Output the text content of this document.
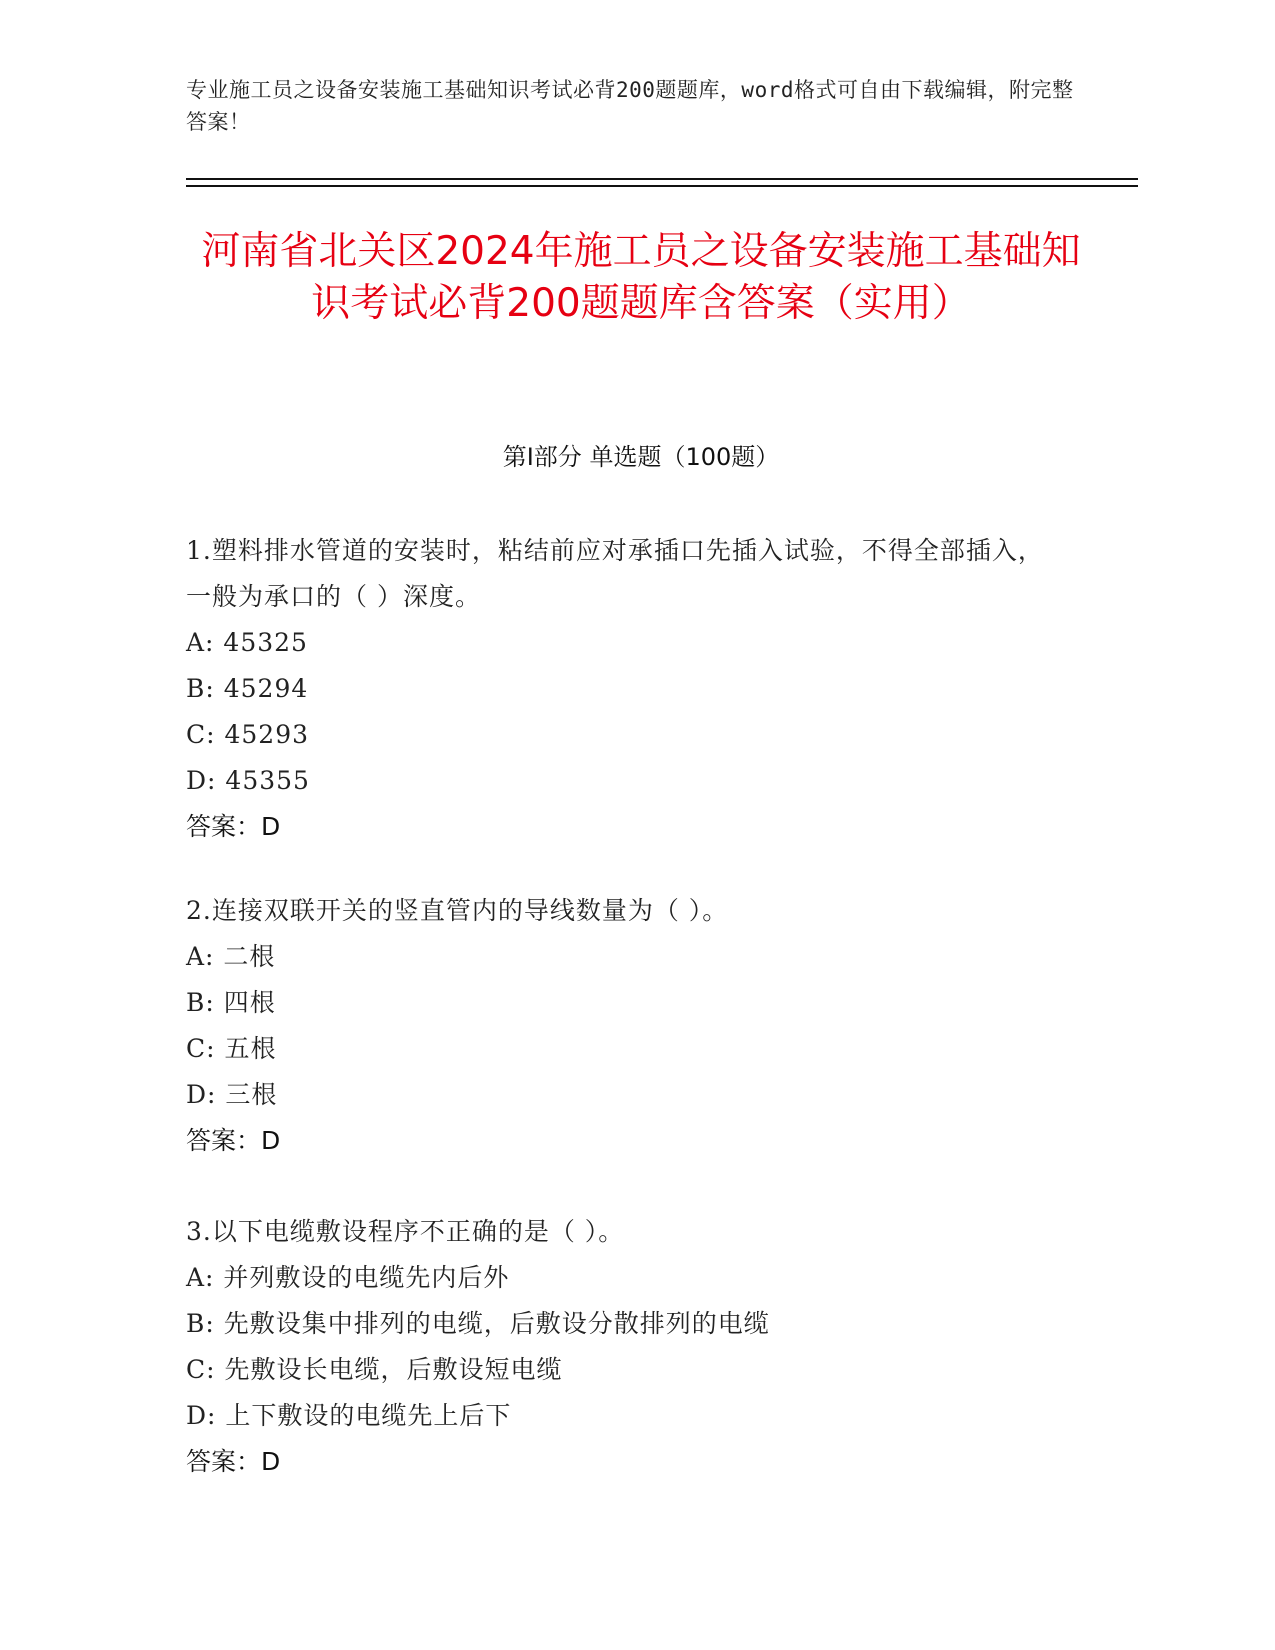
专业施工员之设备安装施工基础知识考试必背200题题库，word格式可自由下载编辑，附完整答案！
河南省北关区2024年施工员之设备安装施工基础知识考试必背200题题库含答案（实用）
第I部分 单选题（100题）
1.塑料排水管道的安装时，粘结前应对承插口先插入试验，不得全部插入，一般为承口的（ ）深度。
A: 45325
B: 45294
C: 45293
D: 45355
答案：D
2.连接双联开关的竖直管内的导线数量为（ ）。
A: 二根
B: 四根
C: 五根
D: 三根
答案：D
3.以下电缆敷设程序不正确的是（ ）。
A: 并列敷设的电缆先内后外
B: 先敷设集中排列的电缆，后敷设分散排列的电缆
C: 先敷设长电缆，后敷设短电缆
D: 上下敷设的电缆先上后下
答案：D
